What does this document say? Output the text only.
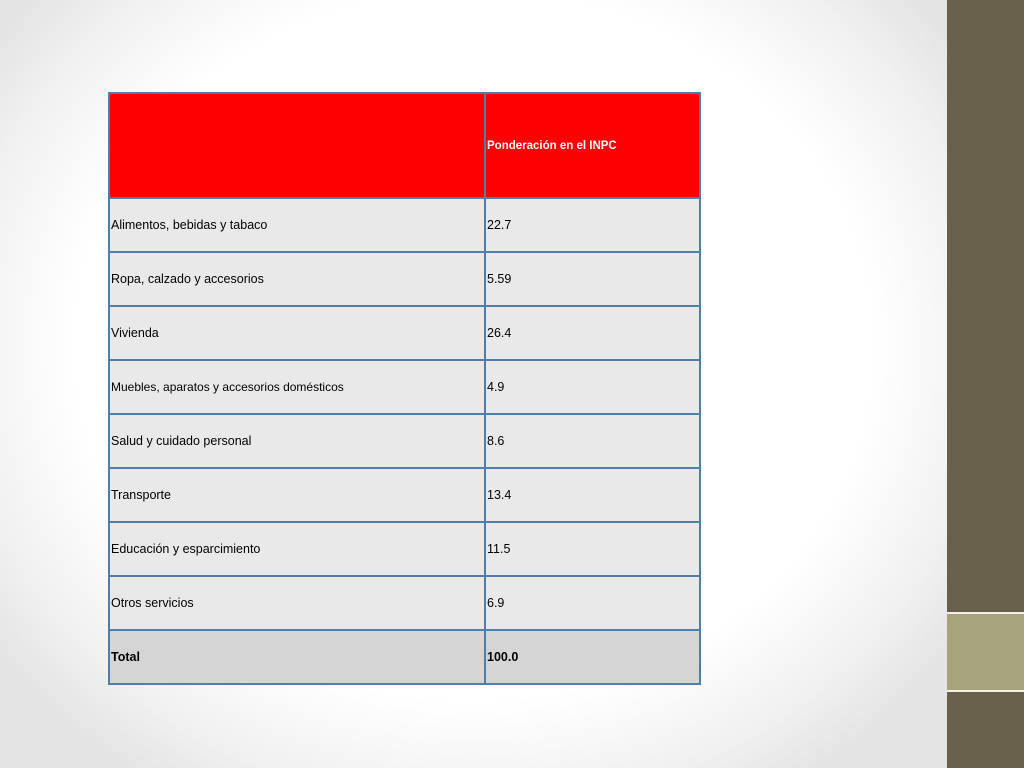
	Ponderación en el INPC
Alimentos, bebidas y tabaco	22.7
Ropa, calzado y accesorios	5.59
Vivienda	26.4
Muebles, aparatos y accesorios domésticos	4.9
Salud y cuidado personal	8.6
Transporte	13.4
Educación y esparcimiento	11.5
Otros servicios	6.9
Total	100.0
